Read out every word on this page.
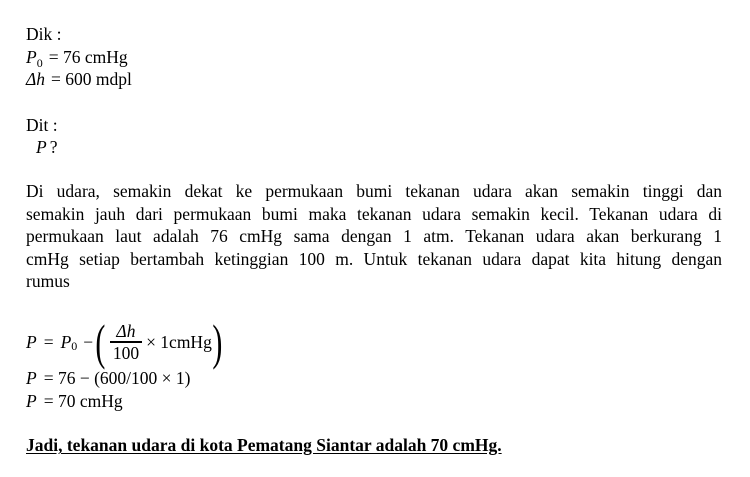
Dik :
$P_0 = 76$ cmHg
Δh = 600 mdpl
Dit :
P ?
Di udara, semakin dekat ke permukaan bumi tekanan udara akan semakin tinggi dan
semakin jauh dari permukaan bumi maka tekanan udara semakin kecil. Tekanan udara di
permukaan laut adalah 76 cmHg sama dengan 1 atm. Tekanan udara akan berkurang 1
cmHg setiap bertambah ketinggian 100 m. Untuk tekanan udara dapat kita hitung dengan
rumus
P = P 0 − ( $\frac{\Delta h}{100}$ × 1cmHg )
P = 76 − (600/100 × 1)
P = 70 cmHg
Jadi, tekanan udara di kota Pematang Siantar adalah 70 cmHg.
